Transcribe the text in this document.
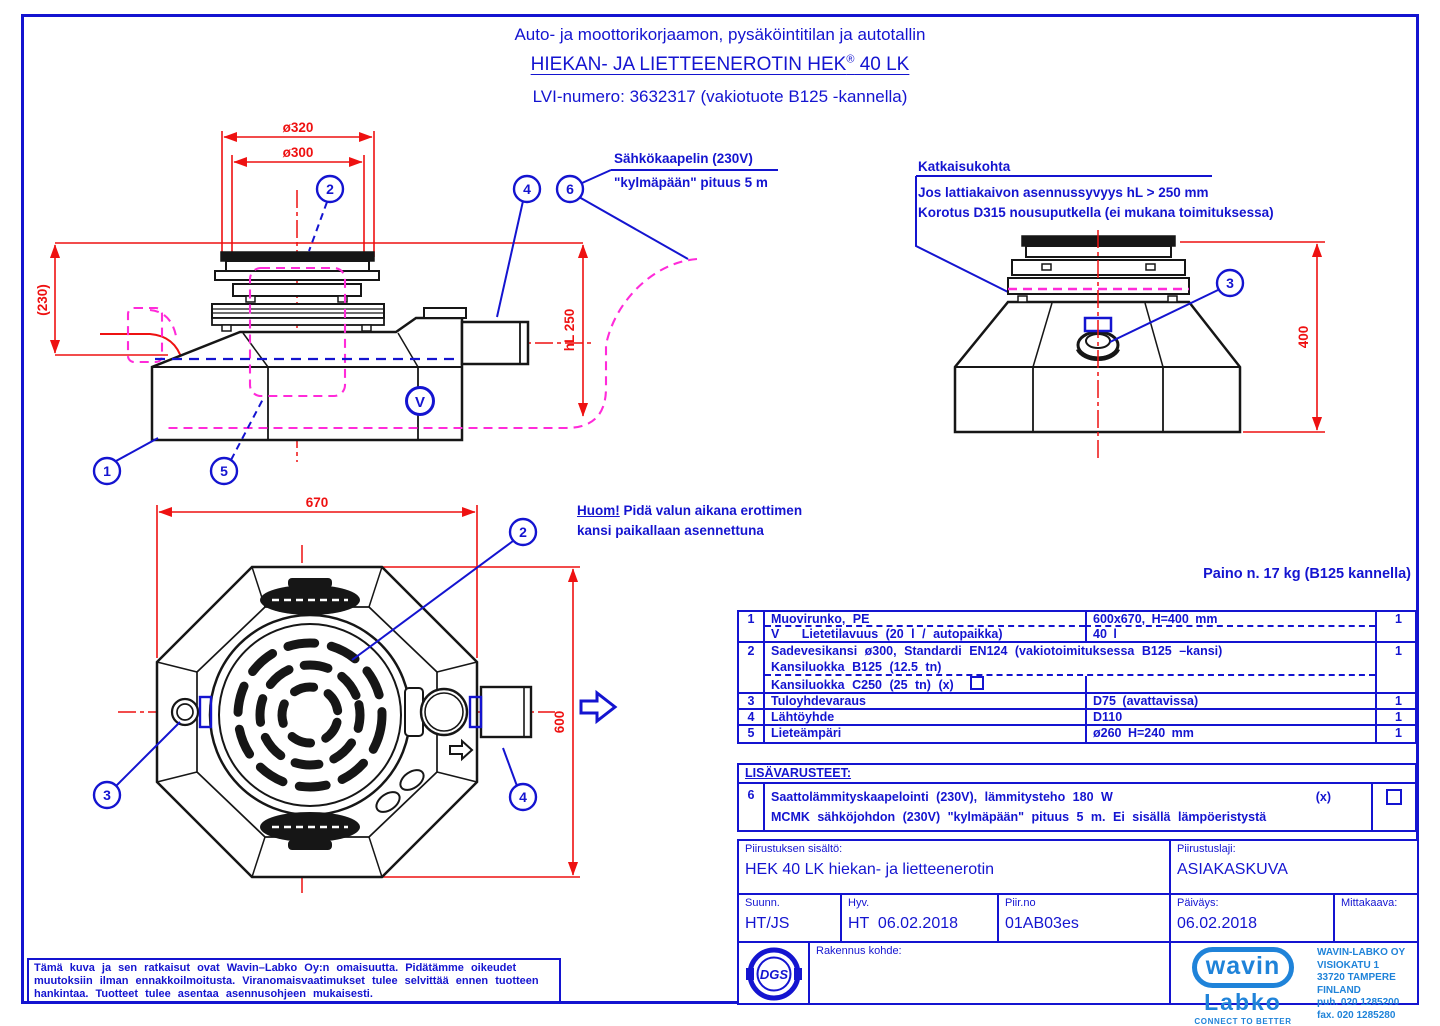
Auto- ja moottorikorjaamon, pysäköintitilan ja autotallin
HIEKAN- JA LIETTEENEROTIN HEK® 40 LK
LVI-numero: 3632317 (vakiotuote B125 -kannella)
ø320
ø300
(230)
hL 250
1
2	4
5
6
V
Sähkökaapelin (230V)
"kylmäpään" pituus 5 m
Katkaisukohta
Jos lattiakaivon asennussyvyys hL > 250 mm
Korotus D315 nousuputkella (ei mukana toimituksessa)
400
3
670
600
2
3	4
Huom! Pidä valun aikana erottimen
kansi paikallaan asennettuna
Paino n. 17 kg (B125 kannella)
1	Muovirunko, PE	600x670, H=400 mm	1
V   Lietetilavuus (20 l / autopaikka)	40 l
2	Sadevesikansi ø300, Standardi EN124 (vakiotoimituksessa B125 –kansi)	1
Kansiluokka B125 (12.5 tn)
Kansiluokka C250 (25 tn) (x)
3	Tuloyhdevaraus	D75 (avattavissa)	1
4	Lähtöyhde	D110	1
5	Lieteämpäri	ø260 H=240 mm	1
LISÄVARUSTEET:
6	Saattolämmityskaapelointi (230V), lämmitysteho 180 W	(x)
MCMK sähköjohdon (230V) "kylmäpään" pituus 5 m. Ei sisällä lämpöeristystä
Piirustuksen sisältö:
HEK 40 LK hiekan- ja lietteenerotin
Piirustuslaji:
ASIAKASKUVA
Suunn.
HT/JS
Hyv.
HT  06.02.2018
Piir.no
01AB03es
Päiväys:
06.02.2018
Mittakaava:
DGS
Rakennus kohde:
wavin
Labko
CONNECT TO BETTER
WAVIN-LABKO OY
VISIOKATU 1
33720 TAMPERE
FINLAND
puh. 020 1285200
fax. 020 1285280
Tämä kuva ja sen ratkaisut ovat Wavin–Labko Oy:n omaisuutta. Pidätämme oikeudet
muutoksiin ilman ennakkoilmoitusta. Viranomaisvaatimukset tulee selvittää ennen tuotteen
hankintaa. Tuotteet tulee asentaa asennusohjeen mukaisesti.
